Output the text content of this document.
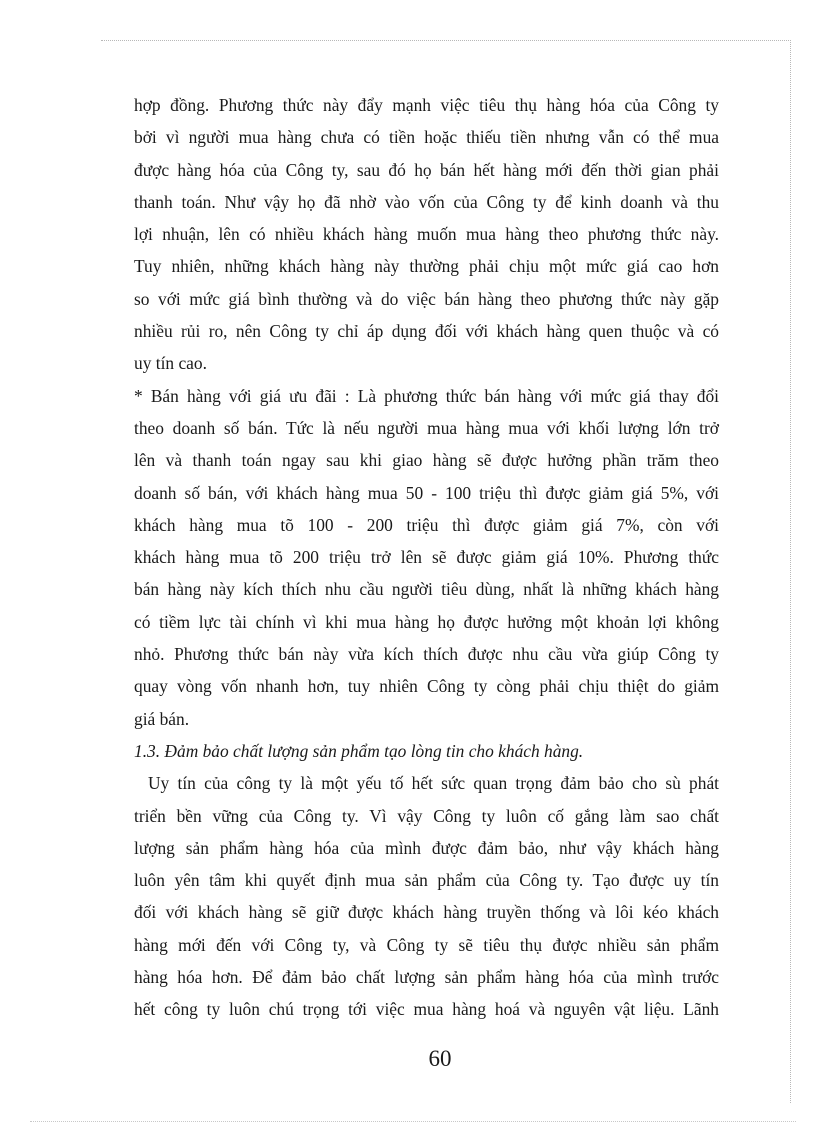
hợp đồng. Phương thức này đẩy mạnh việc tiêu thụ hàng hóa của Công ty
bởi vì người mua hàng chưa có tiền hoặc thiếu tiền nhưng vẫn có thể mua
được hàng hóa của Công ty, sau đó họ bán hết hàng mới đến thời gian phải
thanh toán. Như vậy họ đã nhờ vào vốn của Công ty để kinh doanh và thu
lợi nhuận, lên có nhiều khách hàng muốn mua hàng theo phương thức này.
Tuy nhiên, những khách hàng này thường phải chịu một mức giá cao hơn
so với mức giá bình thường và do việc bán hàng theo phương thức này gặp
nhiều rủi ro, nên Công ty chỉ áp dụng đối với khách hàng quen thuộc và có
uy tín cao.
* Bán hàng với giá ưu đãi : Là phương thức bán hàng với mức giá thay đổi
theo doanh số bán. Tức là nếu người mua hàng mua với khối lượng lớn trở
lên và thanh toán ngay sau khi giao hàng sẽ được hưởng phần trăm theo
doanh số bán, với khách hàng mua 50 - 100 triệu thì được giảm giá 5%, với
khách hàng mua tõ 100 - 200 triệu thì được giảm giá 7%, còn với
khách hàng mua tõ 200 triệu trở lên sẽ được giảm giá 10%. Phương thức
bán hàng này kích thích nhu cầu người tiêu dùng, nhất là những khách hàng
có tiềm lực tài chính vì khi mua hàng họ được hưởng một khoản lợi không
nhỏ. Phương thức bán này vừa kích thích được nhu cầu vừa giúp Công ty
quay vòng vốn nhanh hơn, tuy nhiên Công ty còng phải chịu thiệt do giảm
giá bán.
1.3. Đảm bảo chất lượng sản phẩm tạo lòng tin cho khách hàng.
Uy tín của công ty là một yếu tố hết sức quan trọng đảm bảo cho sù phát
triển bền vững của Công ty. Vì vậy Công ty luôn cố gắng làm sao chất
lượng sản phẩm hàng hóa của mình được đảm bảo, như vậy khách hàng
luôn yên tâm khi quyết định mua sản phẩm của Công ty. Tạo được uy tín
đối với khách hàng sẽ giữ được khách hàng truyền thống và lôi kéo khách
hàng mới đến với Công ty, và Công ty sẽ tiêu thụ được nhiều sản phẩm
hàng hóa hơn. Để đảm bảo chất lượng sản phẩm hàng hóa của mình trước
hết công ty luôn chú trọng tới việc mua hàng hoá và nguyên vật liệu. Lãnh
60
